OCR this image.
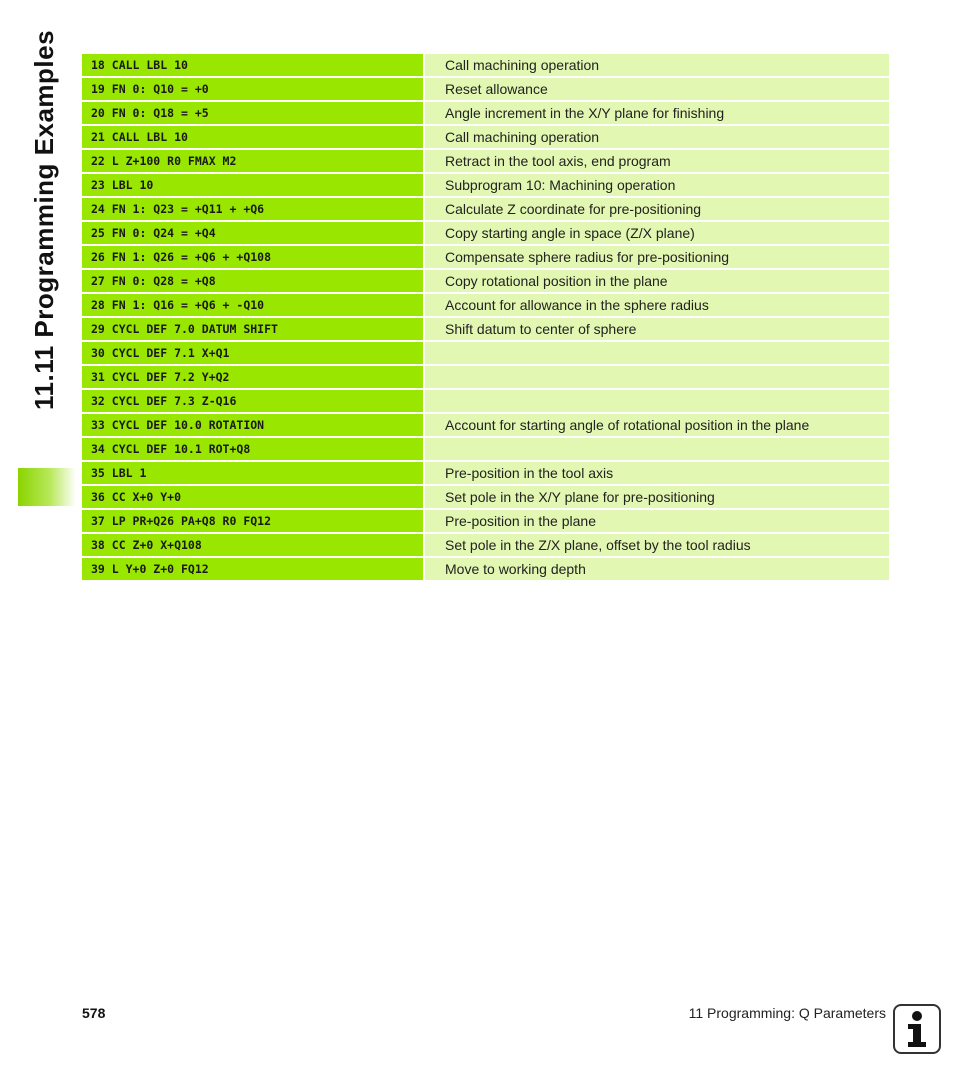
11.11 Programming Examples	18 CALL LBL 10	Call machining operation
19 FN 0: Q10 = +0	Reset allowance
20 FN 0: Q18 = +5	Angle increment in the X/Y plane for finishing
21 CALL LBL 10	Call machining operation
22 L Z+100 R0 FMAX M2	Retract in the tool axis, end program
23 LBL 10	Subprogram 10: Machining operation
24 FN 1: Q23 = +Q11 + +Q6	Calculate Z coordinate for pre-positioning
25 FN 0: Q24 = +Q4	Copy starting angle in space (Z/X plane)
26 FN 1: Q26 = +Q6 + +Q108	Compensate sphere radius for pre-positioning
27 FN 0: Q28 = +Q8	Copy rotational position in the plane
28 FN 1: Q16 = +Q6 + -Q10	Account for allowance in the sphere radius
29 CYCL DEF 7.0 DATUM SHIFT	Shift datum to center of sphere
30 CYCL DEF 7.1 X+Q1
31 CYCL DEF 7.2 Y+Q2
32 CYCL DEF 7.3 Z-Q16
33 CYCL DEF 10.0 ROTATION	Account for starting angle of rotational position in the plane
34 CYCL DEF 10.1 ROT+Q8
35 LBL 1	Pre-position in the tool axis
36 CC X+0 Y+0	Set pole in the X/Y plane for pre-positioning
37 LP PR+Q26 PA+Q8 R0 FQ12	Pre-position in the plane
38 CC Z+0 X+Q108	Set pole in the Z/X plane, offset by the tool radius
39 L Y+0 Z+0 FQ12	Move to working depth
578	11 Programming: Q Parameters
